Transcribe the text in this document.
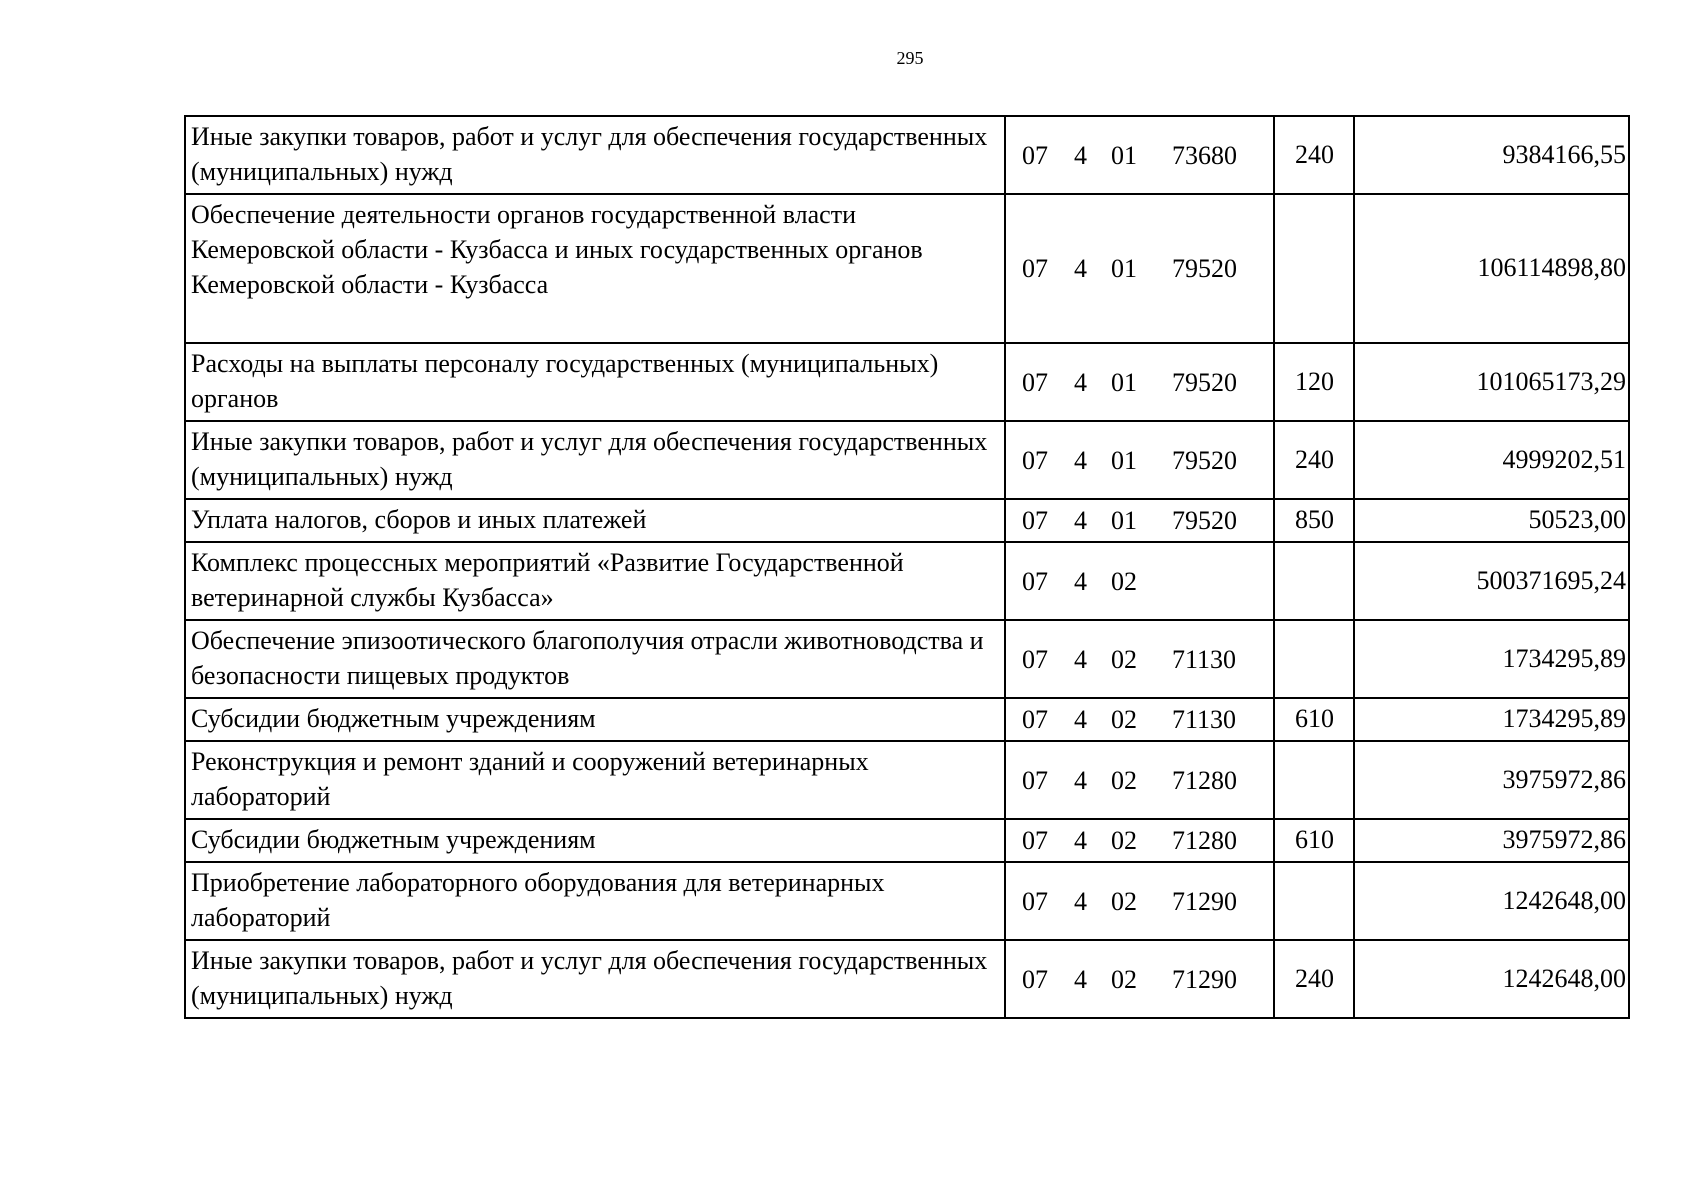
295
Иные закупки товаров, работ и услуг для обеспечения государственных (муниципальных) нужд	07 4 01 73680	240	9384166,55
Обеспечение деятельности органов государственной власти Кемеровской области - Кузбасса и иных государственных органов Кемеровской области - Кузбасса	07 4 01 79520		106114898,80
Расходы на выплаты персоналу государственных (муниципальных) органов	07 4 01 79520	120	101065173,29
Иные закупки товаров, работ и услуг для обеспечения государственных (муниципальных) нужд	07 4 01 79520	240	4999202,51
Уплата налогов, сборов и иных платежей	07 4 01 79520	850	50523,00
Комплекс процессных мероприятий «Развитие Государственной ветеринарной службы Кузбасса»	07 4 02		500371695,24
Обеспечение эпизоотического благополучия отрасли животноводства и безопасности пищевых продуктов	07 4 02 71130		1734295,89
Субсидии бюджетным учреждениям	07 4 02 71130	610	1734295,89
Реконструкция и ремонт зданий и сооружений ветеринарных лабораторий	07 4 02 71280		3975972,86
Субсидии бюджетным учреждениям	07 4 02 71280	610	3975972,86
Приобретение лабораторного оборудования для ветеринарных лабораторий	07 4 02 71290		1242648,00
Иные закупки товаров, работ и услуг для обеспечения государственных (муниципальных) нужд	07 4 02 71290	240	1242648,00
